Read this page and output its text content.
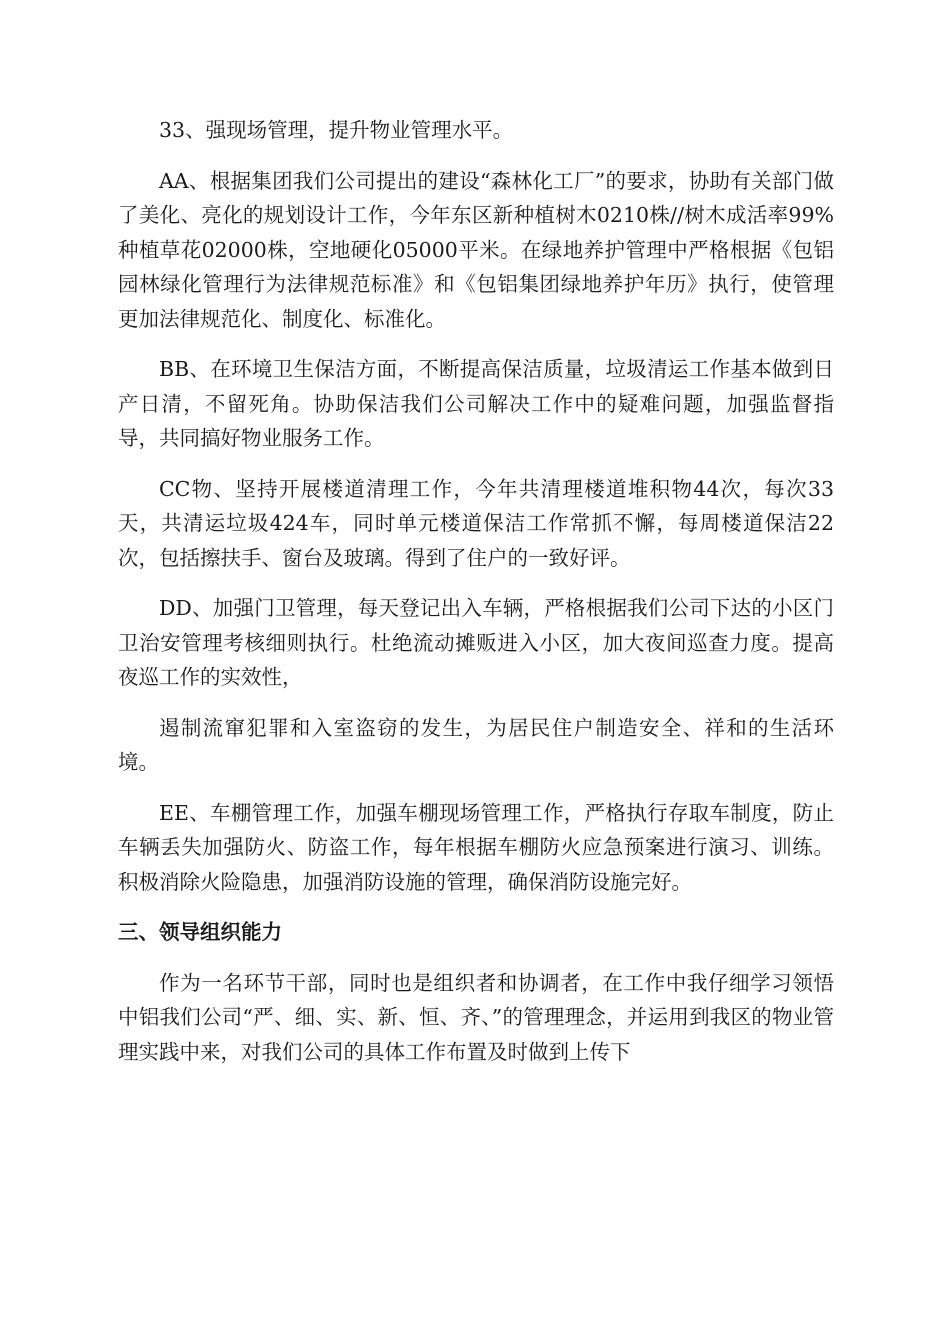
33、强现场管理，提升物业管理水平。

AA、根据集团我们公司提出的建设“森林化工厂”的要求，协助有关部门做了美化、亮化的规划设计工作，今年东区新种植树木0210株//树木成活率99%种植草花02000株，空地硬化05000平米。在绿地养护管理中严格根据《包铝园林绿化管理行为法律规范标准》和《包铝集团绿地养护年历》执行，使管理更加法律规范化、制度化、标准化。

BB、在环境卫生保洁方面，不断提高保洁质量，垃圾清运工作基本做到日产日清，不留死角。协助保洁我们公司解决工作中的疑难问题，加强监督指导，共同搞好物业服务工作。

CC物、坚持开展楼道清理工作，今年共清理楼道堆积物44次，每次33天，共清运垃圾424车，同时单元楼道保洁工作常抓不懈，每周楼道保洁22次，包括擦扶手、窗台及玻璃。得到了住户的一致好评。

DD、加强门卫管理，每天登记出入车辆，严格根据我们公司下达的小区门卫治安管理考核细则执行。杜绝流动摊贩进入小区，加大夜间巡查力度。提高夜巡工作的实效性，

遏制流窜犯罪和入室盗窃的发生，为居民住户制造安全、祥和的生活环境。

EE、车棚管理工作，加强车棚现场管理工作，严格执行存取车制度，防止车辆丢失加强防火、防盗工作，每年根据车棚防火应急预案进行演习、训练。积极消除火险隐患，加强消防设施的管理，确保消防设施完好。

三、领导组织能力

作为一名环节干部，同时也是组织者和协调者，在工作中我仔细学习领悟中铝我们公司“严、细、实、新、恒、齐、”的管理理念，并运用到我区的物业管理实践中来，对我们公司的具体工作布置及时做到上传下
